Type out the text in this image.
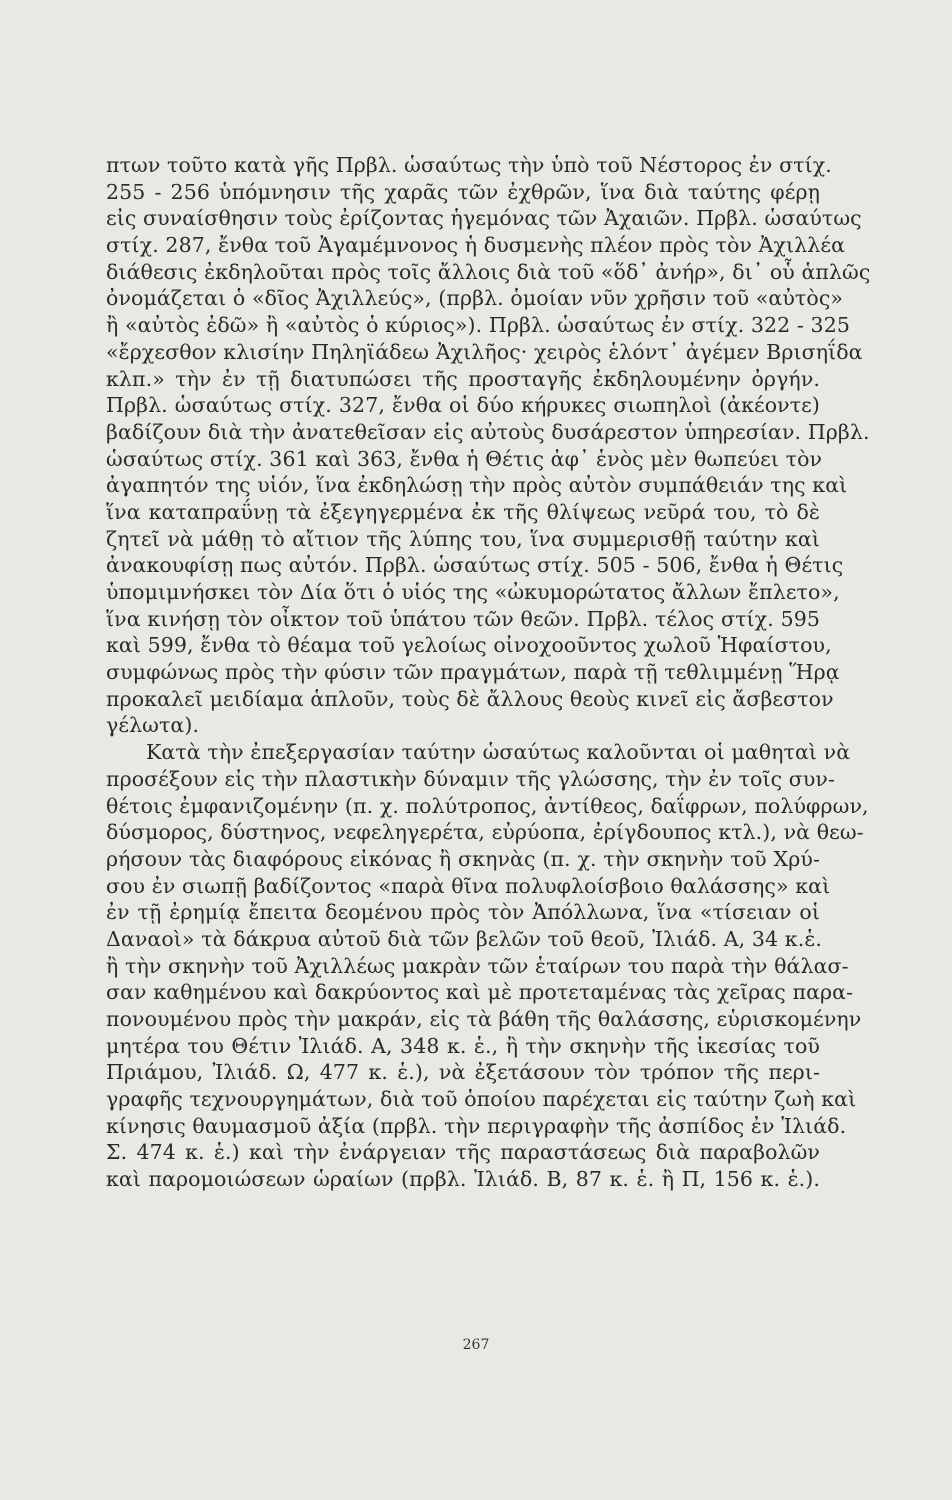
πτων τοῦτο κατὰ γῆς Πρβλ. ὡσαύτως τὴν ὑπὸ τοῦ Νέστορος ἐν στίχ.
255 - 256 ὑπόμνησιν τῆς χαρᾶς τῶν ἐχθρῶν, ἵνα διὰ ταύτης φέρῃ
εἰς συναίσθησιν τοὺς ἐρίζοντας ἡγεμόνας τῶν Ἀχαιῶν. Πρβλ. ὡσαύτως
στίχ. 287, ἔνθα τοῦ Ἀγαμέμνονος ἡ δυσμενὴς πλέον πρὸς τὸν Ἀχιλλέα
διάθεσις ἐκδηλοῦται πρὸς τοῖς ἄλλοις διὰ τοῦ «ὅδ᾽ ἀνήρ», δι᾽ οὗ ἁπλῶς
ὀνομάζεται ὁ «δῖος Ἀχιλλεύς», (πρβλ. ὁμοίαν νῦν χρῆσιν τοῦ «αὐτὸς»
ἢ «αὐτὸς ἐδῶ» ἢ «αὐτὸς ὁ κύριος»). Πρβλ. ὡσαύτως ἐν στίχ. 322 - 325
«ἔρχεσθον κλισίην Πηληϊάδεω Ἀχιλῆος· χειρὸς ἑλόντ᾽ ἀγέμεν Βρισηΐδα
κλπ.» τὴν ἐν τῇ διατυπώσει τῆς προσταγῆς ἐκδηλουμένην ὀργήν.
Πρβλ. ὡσαύτως στίχ. 327, ἔνθα οἱ δύο κήρυκες σιωπηλοὶ (ἀκέοντε)
βαδίζουν διὰ τὴν ἀνατεθεῖσαν εἰς αὐτοὺς δυσάρεστον ὑπηρεσίαν. Πρβλ.
ὡσαύτως στίχ. 361 καὶ 363, ἔνθα ἡ Θέτις ἀφ᾽ ἑνὸς μὲν θωπεύει τὸν
ἀγαπητόν της υἱόν, ἵνα ἐκδηλώσῃ τὴν πρὸς αὐτὸν συμπάθειάν της καὶ
ἵνα καταπραΰνῃ τὰ ἐξεγηγερμένα ἐκ τῆς θλίψεως νεῦρά του, τὸ δὲ
ζητεῖ νὰ μάθῃ τὸ αἴτιον τῆς λύπης του, ἵνα συμμερισθῇ ταύτην καὶ
ἀνακουφίσῃ πως αὐτόν. Πρβλ. ὡσαύτως στίχ. 505 - 506, ἔνθα ἡ Θέτις
ὑπομιμνήσκει τὸν Δία ὅτι ὁ υἱός της «ὠκυμορώτατος ἄλλων ἔπλετο»,
ἵνα κινήσῃ τὸν οἶκτον τοῦ ὑπάτου τῶν θεῶν. Πρβλ. τέλος στίχ. 595
καὶ 599, ἔνθα τὸ θέαμα τοῦ γελοίως οἰνοχοοῦντος χωλοῦ Ἡφαίστου,
συμφώνως πρὸς τὴν φύσιν τῶν πραγμάτων, παρὰ τῇ τεθλιμμένῃ Ἥρᾳ
προκαλεῖ μειδίαμα ἁπλοῦν, τοὺς δὲ ἄλλους θεοὺς κινεῖ εἰς ἄσβεστον
γέλωτα).
Κατὰ τὴν ἐπεξεργασίαν ταύτην ὡσαύτως καλοῦνται οἱ μαθηταὶ νὰ
προσέξουν εἰς τὴν πλαστικὴν δύναμιν τῆς γλώσσης, τὴν ἐν τοῖς συν-
θέτοις ἐμφανιζομένην (π. χ. πολύτροπος, ἀντίθεος, δαΐφρων, πολύφρων,
δύσμορος, δύστηνος, νεφεληγερέτα, εὐρύοπα, ἐρίγδουπος κτλ.), νὰ θεω-
ρήσουν τὰς διαφόρους εἰκόνας ἢ σκηνὰς (π. χ. τὴν σκηνὴν τοῦ Χρύ-
σου ἐν σιωπῇ βαδίζοντος «παρὰ θῖνα πολυφλοίσβοιο θαλάσσης» καὶ
ἐν τῇ ἐρημίᾳ ἔπειτα δεομένου πρὸς τὸν Ἀπόλλωνα, ἵνα «τίσειαν οἱ
Δαναοὶ» τὰ δάκρυα αὐτοῦ διὰ τῶν βελῶν τοῦ θεοῦ, Ἰλιάδ. Α, 34 κ.ἑ.
ἢ τὴν σκηνὴν τοῦ Ἀχιλλέως μακρὰν τῶν ἑταίρων του παρὰ τὴν θάλασ-
σαν καθημένου καὶ δακρύοντος καὶ μὲ προτεταμένας τὰς χεῖρας παρα-
πονουμένου πρὸς τὴν μακράν, εἰς τὰ βάθη τῆς θαλάσσης, εὑρισκομένην
μητέρα του Θέτιν Ἰλιάδ. Α, 348 κ. ἑ., ἢ τὴν σκηνὴν τῆς ἱκεσίας τοῦ
Πριάμου, Ἰλιάδ. Ω, 477 κ. ἑ.), νὰ ἐξετάσουν τὸν τρόπον τῆς περι-
γραφῆς τεχνουργημάτων, διὰ τοῦ ὁποίου παρέχεται εἰς ταύτην ζωὴ καὶ
κίνησις θαυμασμοῦ ἀξία (πρβλ. τὴν περιγραφὴν τῆς ἀσπίδος ἐν Ἰλιάδ.
Σ. 474 κ. ἑ.) καὶ τὴν ἐνάργειαν τῆς παραστάσεως διὰ παραβολῶν
καὶ παρομοιώσεων ὡραίων (πρβλ. Ἰλιάδ. Β, 87 κ. ἑ. ἢ Π, 156 κ. ἑ.).
267
